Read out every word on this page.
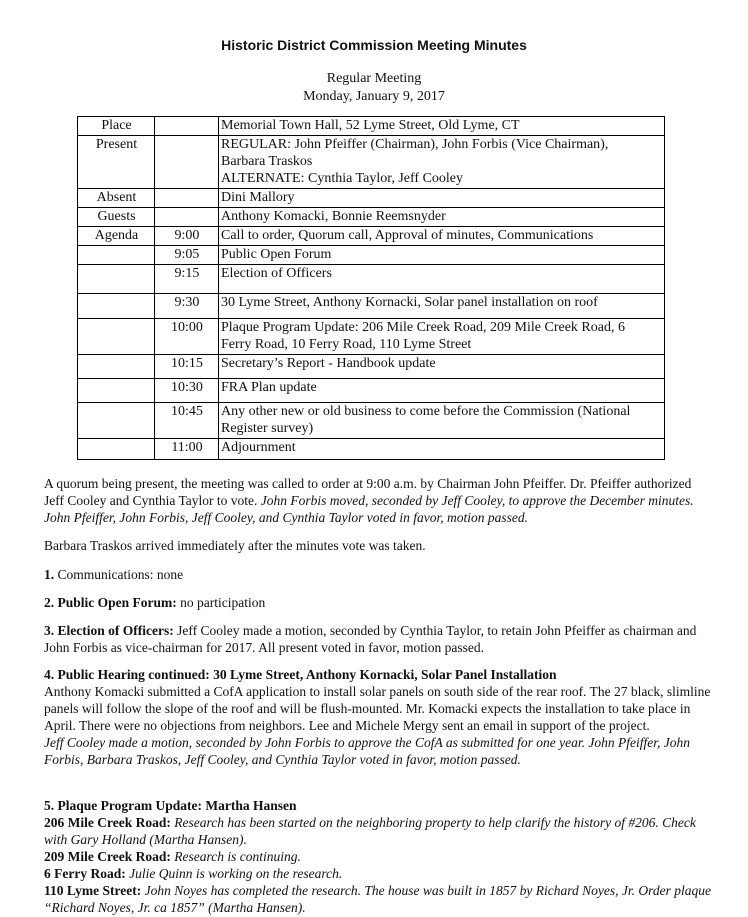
Historic District Commission Meeting Minutes
Regular Meeting
Monday, January 9, 2017
Place		Memorial Town Hall, 52 Lyme Street, Old Lyme, CT
Present		REGULAR: John Pfeiffer (Chairman), John Forbis (Vice Chairman),
Barbara Traskos
ALTERNATE: Cynthia Taylor, Jeff Cooley

Absent		Dini Mallory
Guests		Anthony Komacki, Bonnie Reemsnyder
Agenda	9:00	Call to order, Quorum call, Approval of minutes, Communications
	9:05	Public Open Forum
	9:15	Election of Officers
	9:30	30 Lyme Street, Anthony Kornacki, Solar panel installation on roof
	10:00	Plaque Program Update: 206 Mile Creek Road, 209 Mile Creek Road, 6
Ferry Road, 10 Ferry Road, 110 Lyme Street

	10:15	Secretary’s Report - Handbook update
	10:30	FRA Plan update
	10:45	Any other new or old business to come before the Commission (National
Register survey)

	11:00	Adjournment

A quorum being present, the meeting was called to order at 9:00 a.m. by Chairman John Pfeiffer. Dr. Pfeiffer authorized Jeff Cooley and Cynthia Taylor to vote. John Forbis moved, seconded by Jeff Cooley, to approve the December minutes. John Pfeiffer, John Forbis, Jeff Cooley, and Cynthia Taylor voted in favor, motion passed.

Barbara Traskos arrived immediately after the minutes vote was taken.

1. Communications: none

2. Public Open Forum: no participation

3. Election of Officers: Jeff Cooley made a motion, seconded by Cynthia Taylor, to retain John Pfeiffer as chairman and John Forbis as vice-chairman for 2017. All present voted in favor, motion passed.

4. Public Hearing continued: 30 Lyme Street, Anthony Kornacki, Solar Panel Installation

Anthony Komacki submitted a CofA application to install solar panels on south side of the rear roof. The 27 black, slimline panels will follow the slope of the roof and will be flush-mounted. Mr. Komacki expects the installation to take place in April. There were no objections from neighbors. Lee and Michele Mergy sent an email in support of the project.

Jeff Cooley made a motion, seconded by John Forbis to approve the CofA as submitted for one year. John Pfeiffer, John Forbis, Barbara Traskos, Jeff Cooley, and Cynthia Taylor voted in favor, motion passed.

5. Plaque Program Update: Martha Hansen

206 Mile Creek Road: Research has been started on the neighboring property to help clarify the history of #206. Check with Gary Holland (Martha Hansen).

209 Mile Creek Road: Research is continuing.

6 Ferry Road: Julie Quinn is working on the research.

110 Lyme Street: John Noyes has completed the research. The house was built in 1857 by Richard Noyes, Jr. Order plaque “Richard Noyes, Jr. ca 1857” (Martha Hansen).
